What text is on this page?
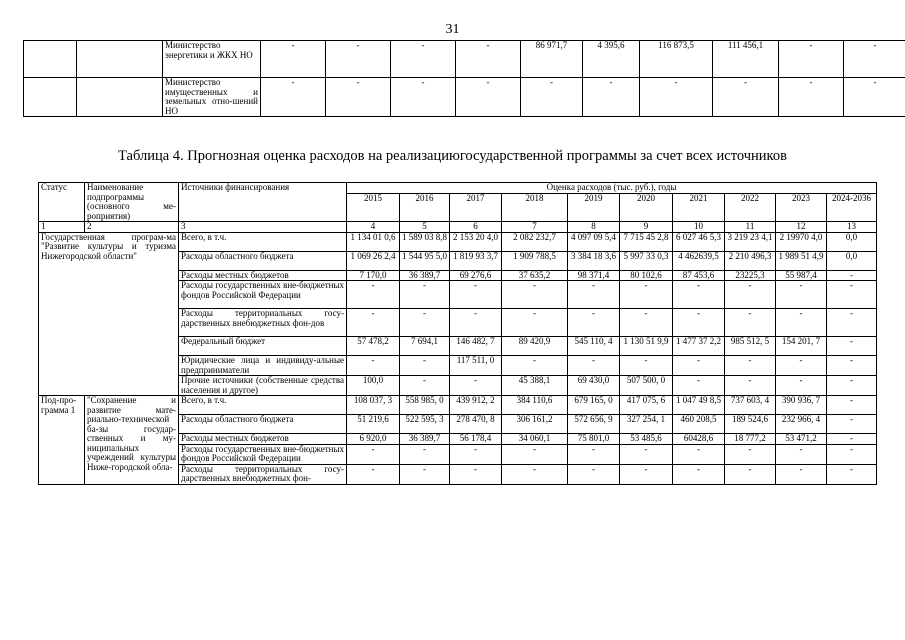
31
		Министерство энергетики и ЖКХ НО	-	-	-	-	86 971,7	4 395,6	116 873,5	111 456,1	-	-
		Министерство имущественных и земельных отно-шений НО	-	-	-	-	-	-	-	-	-	-
Таблица 4. Прогнозная оценка расходов на реализациюгосударственной программы за счет всех источников
Статус	Наименование подпрограммы (основного ме-роприятия)	Источники финансирования	Оценка расходов (тыс. руб.), годы									
			2015	2016	2017	2018	2019	2020	2021	2022	2023	2024-2036
1	2	3	4	5	6	7	8	9	10	11	12	13
Государственная програм-ма "Развитие культуры и туризма Нижегородской области"		Всего, в т.ч.	1 134 01 0,6	1 589 03 8,8	2 153 20 4,0	2 082 232,7	4 097 09 5,4	7 715 45 2,8	6 027 46 5,3	3 219 23 4,1	2 19970 4,0	0,0
		Расходы областного бюджета	1 069 26 2,4	1 544 95 5,0	1 819 93 3,7	1 909 788,5	3 384 18 3,6	5 997 33 0,3	4 462639,5	2 210 496,3	1 989 51 4,9	0,0
		Расходы местных бюджетов	7 170,0	36 389,7	69 276,6	37 635,2	98 371,4	80 102,6	87 453,6	23225,3	55 987,4	-
		Расходы государственных вне-бюджетных фондов Российской Федерации	-	-	-	-	-	-	-	-	-	-
		Расходы территориальных госу-дарственных внебюджетных фон-дов	-	-	-	-	-	-	-	-	-	-
		Федеральный бюджет	57 478,2	7 694,1	146 482, 7	89 420,9	545 110, 4	1 130 51 9,9	1 477 37 2,2	985 512, 5	154 201, 7	-
		Юридические лица и индивиду-альные предприниматели	-	-	117 511, 0	-	-	-	-	-	-	-
		Прочие источники (собственные средства населения и другое)	100,0	-	-	45 388,1	69 430,0	507 500, 0	-	-	-	-
Под-про-грамма 1	"Сохранение и развитие мате-риально-технической ба-зы государ-ственных и му-ниципальных учреждений культуры Ниже-городской обла-	Всего, в т.ч.	108 037, 3	558 985, 0	439 912, 2	384 110,6	679 165, 0	417 075, 6	1 047 49 8,5	737 603, 4	390 936, 7	-
		Расходы областного бюджета	51 219,6	522 595, 3	278 470, 8	306 161,2	572 656, 9	327 254, 1	460 208,5	189 524,6	232 966, 4	-
		Расходы местных бюджетов	6 920,0	36 389,7	56 178,4	34 060,1	75 801,0	53 485,6	60428,6	18 777,2	53 471,2	-
		Расходы государственных вне-бюджетных фондов Российской Федерации	-	-	-	-	-	-	-	-	-	-
		Расходы территориальных госу-дарственных внебюджетных фон-	-	-	-	-	-	-	-	-	-	-
